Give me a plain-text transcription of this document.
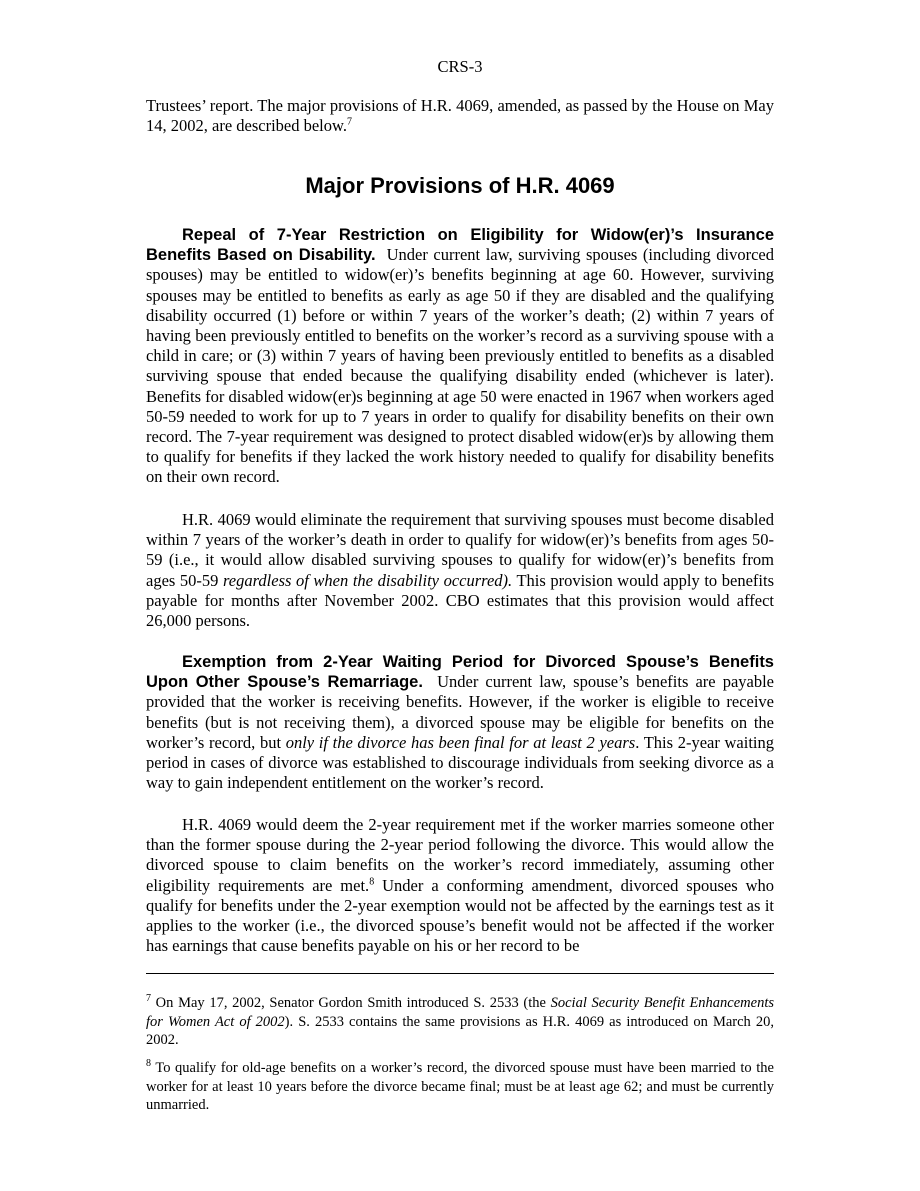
CRS-3

Trustees’ report. The major provisions of H.R. 4069, amended, as passed by the House on May 14, 2002, are described below.$^7$

Major Provisions of H.R. 4069

Repeal of 7-Year Restriction on Eligibility for Widow(er)’s Insurance Benefits Based on Disability. Under current law, surviving spouses (including divorced spouses) may be entitled to widow(er)’s benefits beginning at age 60. However, surviving spouses may be entitled to benefits as early as age 50 if they are disabled and the qualifying disability occurred (1) before or within 7 years of the worker’s death; (2) within 7 years of having been previously entitled to benefits on the worker’s record as a surviving spouse with a child in care; or (3) within 7 years of having been previously entitled to benefits as a disabled surviving spouse that ended because the qualifying disability ended (whichever is later). Benefits for disabled widow(er)s beginning at age 50 were enacted in 1967 when workers aged 50-59 needed to work for up to 7 years in order to qualify for disability benefits on their own record. The 7-year requirement was designed to protect disabled widow(er)s by allowing them to qualify for benefits if they lacked the work history needed to qualify for disability benefits on their own record.

H.R. 4069 would eliminate the requirement that surviving spouses must become disabled within 7 years of the worker’s death in order to qualify for widow(er)’s benefits from ages 50-59 (i.e., it would allow disabled surviving spouses to qualify for widow(er)’s benefits from ages 50-59 regardless of when the disability occurred). This provision would apply to benefits payable for months after November 2002. CBO estimates that this provision would affect 26,000 persons.

Exemption from 2-Year Waiting Period for Divorced Spouse’s Benefits Upon Other Spouse’s Remarriage. Under current law, spouse’s benefits are payable provided that the worker is receiving benefits. However, if the worker is eligible to receive benefits (but is not receiving them), a divorced spouse may be eligible for benefits on the worker’s record, but only if the divorce has been final for at least 2 years. This 2-year waiting period in cases of divorce was established to discourage individuals from seeking divorce as a way to gain independent entitlement on the worker’s record.

H.R. 4069 would deem the 2-year requirement met if the worker marries someone other than the former spouse during the 2-year period following the divorce. This would allow the divorced spouse to claim benefits on the worker’s record immediately, assuming other eligibility requirements are met.$^8$ Under a conforming amendment, divorced spouses who qualify for benefits under the 2-year exemption would not be affected by the earnings test as it applies to the worker (i.e., the divorced spouse’s benefit would not be affected if the worker has earnings that cause benefits payable on his or her record to be

$^7$ On May 17, 2002, Senator Gordon Smith introduced S. 2533 (the Social Security Benefit Enhancements for Women Act of 2002). S. 2533 contains the same provisions as H.R. 4069 as introduced on March 20, 2002.

$^8$ To qualify for old-age benefits on a worker’s record, the divorced spouse must have been married to the worker for at least 10 years before the divorce became final; must be at least age 62; and must be currently unmarried.
